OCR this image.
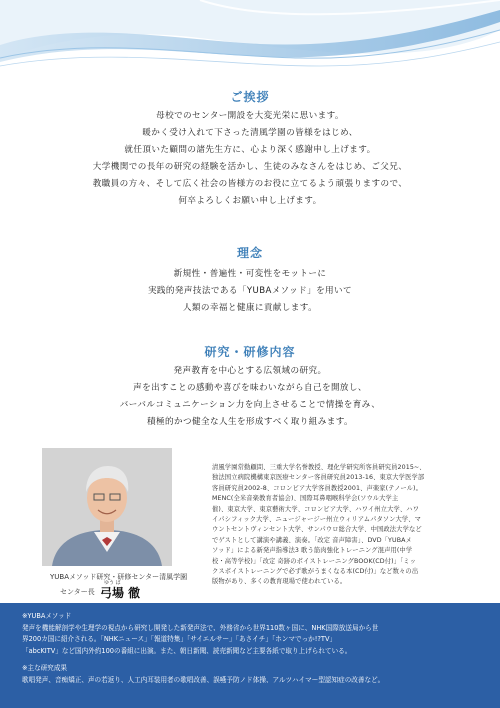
ご挨拶
母校でのセンター開設を大変光栄に思います。
暖かく受け入れて下さった清風学園の皆様をはじめ、
就任頂いた顧問の諸先生方に、心より深く感謝申し上げます。
大学機関での長年の研究の経験を活かし、生徒のみなさんをはじめ、ご父兄、
教職員の方々、そして広く社会の皆様方のお役に立てるよう頑張りますので、
何卒よろしくお願い申し上げます。
理念
新規性・普遍性・可変性をモットーに
実践的発声技法である「YUBAメソッド」を用いて
人類の幸福と健康に貢献します。
研究・研修内容
発声教育を中心とする広領域の研究。
声を出すことの感動や喜びを味わいながら自己を開放し、
バーバルコミュニケーション力を向上させることで情操を育み、
積極的かつ健全な人生を形成すべく取り組みます。
YUBAメソッド研究・研修センター清風学園
センター長
ゆう ば
弓場 徹
清風学園常勤顧問、三重大学名誉教授、理化学研究所客員研究員2015~、
独法国立病院機構東京医療センター客員研究員2013-16、東京大学医学部
客員研究員2002-8、コロンビア大学客員教授2001、声楽家(テノール)。
MENC(全米音楽教育者協会)、国際耳鼻咽喉科学会(ソウル大学主
催)、東京大学、東京藝術大学、コロンビア大学、ハワイ州立大学、ハワ
イパシフィック大学、ニュージャージー州立ウィリアムパタソン大学、マ
ウントセントヴィンセント大学、サンパウロ総合大学、中国政法大学など
でゲストとして講演や講義、演奏。「改定 音声障害」、DVD「YUBAメ
ソッド」による新発声指導法3 歌う筋肉強化トレーニング混声用(中学
校・高等学校)」「改定 奇跡のボイストレーニングBOOK(CD付)」「ミッ
クスボイストレーニングで必ず歌がうまくなる本(CD付)」など数々の出
版物があり、多くの教育現場で使われている。
※YUBAメソッド
発声を機能解剖学や生理学の視点から研究し開発した新発声法で、外務省から世界110数ヶ国に、NHK国際放送局から世
界200カ国に紹介される。「NHKニュース」「報道特集」「サイエルサー」「あさイチ」「ホンマでっか!?TV」
「abcKITV」など国内外約100の番組に出演。また、朝日新聞、読売新聞など主要各紙で取り上げられている。
※主な研究成果
歌唱発声、音痴矯正、声の若返り、人工内耳装用者の歌唱改善、誤嚥予防ノド体操、アルツハイマー型認知症の改善など。
